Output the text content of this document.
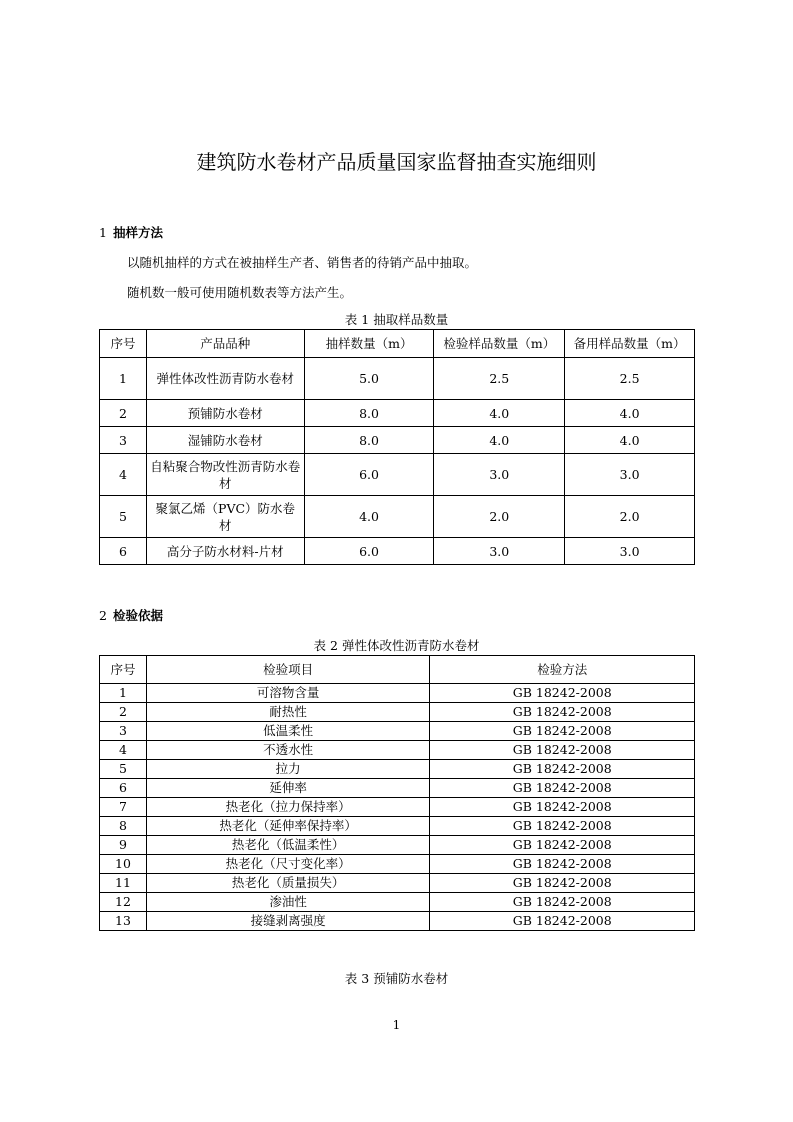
建筑防水卷材产品质量国家监督抽查实施细则
1 抽样方法
以随机抽样的方式在被抽样生产者、销售者的待销产品中抽取。
随机数一般可使用随机数表等方法产生。
表 1 抽取样品数量
序号	产品品种	抽样数量（m）	检验样品数量（m）	备用样品数量（m）
1	弹性体改性沥青防水卷材	5.0	2.5	2.5
2	预铺防水卷材	8.0	4.0	4.0
3	湿铺防水卷材	8.0	4.0	4.0
4	自粘聚合物改性沥青防水卷材	6.0	3.0	3.0
5	聚氯乙烯（PVC）防水卷材	4.0	2.0	2.0
6	高分子防水材料-片材	6.0	3.0	3.0
2 检验依据
表 2 弹性体改性沥青防水卷材
序号	检验项目	检验方法
1	可溶物含量	GB 18242-2008
2	耐热性	GB 18242-2008
3	低温柔性	GB 18242-2008
4	不透水性	GB 18242-2008
5	拉力	GB 18242-2008
6	延伸率	GB 18242-2008
7	热老化（拉力保持率）	GB 18242-2008
8	热老化（延伸率保持率）	GB 18242-2008
9	热老化（低温柔性）	GB 18242-2008
10	热老化（尺寸变化率）	GB 18242-2008
11	热老化（质量损失）	GB 18242-2008
12	渗油性	GB 18242-2008
13	接缝剥离强度	GB 18242-2008
表 3 预铺防水卷材
1
